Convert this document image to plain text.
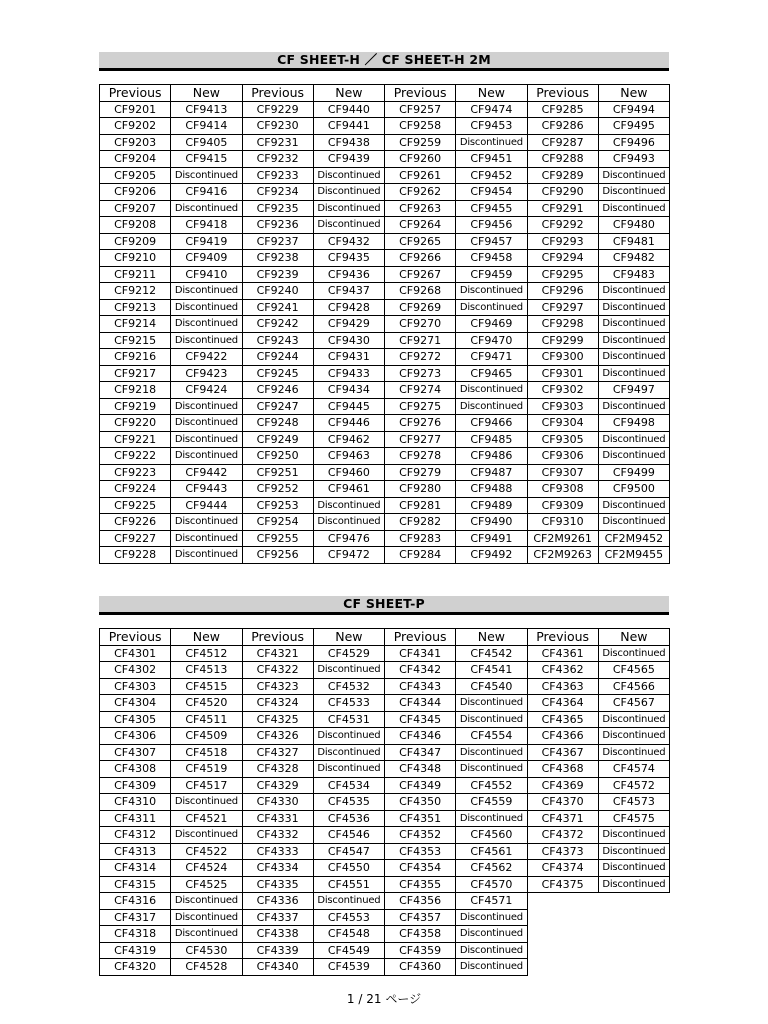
CF SHEET-H ／ CF SHEET-H 2M
Previous	New	Previous	New	Previous	New	Previous	New
CF9201	CF9413	CF9229	CF9440	CF9257	CF9474	CF9285	CF9494
CF9202	CF9414	CF9230	CF9441	CF9258	CF9453	CF9286	CF9495
CF9203	CF9405	CF9231	CF9438	CF9259	Discontinued	CF9287	CF9496
CF9204	CF9415	CF9232	CF9439	CF9260	CF9451	CF9288	CF9493
CF9205	Discontinued	CF9233	Discontinued	CF9261	CF9452	CF9289	Discontinued
CF9206	CF9416	CF9234	Discontinued	CF9262	CF9454	CF9290	Discontinued
CF9207	Discontinued	CF9235	Discontinued	CF9263	CF9455	CF9291	Discontinued
CF9208	CF9418	CF9236	Discontinued	CF9264	CF9456	CF9292	CF9480
CF9209	CF9419	CF9237	CF9432	CF9265	CF9457	CF9293	CF9481
CF9210	CF9409	CF9238	CF9435	CF9266	CF9458	CF9294	CF9482
CF9211	CF9410	CF9239	CF9436	CF9267	CF9459	CF9295	CF9483
CF9212	Discontinued	CF9240	CF9437	CF9268	Discontinued	CF9296	Discontinued
CF9213	Discontinued	CF9241	CF9428	CF9269	Discontinued	CF9297	Discontinued
CF9214	Discontinued	CF9242	CF9429	CF9270	CF9469	CF9298	Discontinued
CF9215	Discontinued	CF9243	CF9430	CF9271	CF9470	CF9299	Discontinued
CF9216	CF9422	CF9244	CF9431	CF9272	CF9471	CF9300	Discontinued
CF9217	CF9423	CF9245	CF9433	CF9273	CF9465	CF9301	Discontinued
CF9218	CF9424	CF9246	CF9434	CF9274	Discontinued	CF9302	CF9497
CF9219	Discontinued	CF9247	CF9445	CF9275	Discontinued	CF9303	Discontinued
CF9220	Discontinued	CF9248	CF9446	CF9276	CF9466	CF9304	CF9498
CF9221	Discontinued	CF9249	CF9462	CF9277	CF9485	CF9305	Discontinued
CF9222	Discontinued	CF9250	CF9463	CF9278	CF9486	CF9306	Discontinued
CF9223	CF9442	CF9251	CF9460	CF9279	CF9487	CF9307	CF9499
CF9224	CF9443	CF9252	CF9461	CF9280	CF9488	CF9308	CF9500
CF9225	CF9444	CF9253	Discontinued	CF9281	CF9489	CF9309	Discontinued
CF9226	Discontinued	CF9254	Discontinued	CF9282	CF9490	CF9310	Discontinued
CF9227	Discontinued	CF9255	CF9476	CF9283	CF9491	CF2M9261	CF2M9452
CF9228	Discontinued	CF9256	CF9472	CF9284	CF9492	CF2M9263	CF2M9455
CF SHEET-P
Previous	New	Previous	New	Previous	New	Previous	New
CF4301	CF4512	CF4321	CF4529	CF4341	CF4542	CF4361	Discontinued
CF4302	CF4513	CF4322	Discontinued	CF4342	CF4541	CF4362	CF4565
CF4303	CF4515	CF4323	CF4532	CF4343	CF4540	CF4363	CF4566
CF4304	CF4520	CF4324	CF4533	CF4344	Discontinued	CF4364	CF4567
CF4305	CF4511	CF4325	CF4531	CF4345	Discontinued	CF4365	Discontinued
CF4306	CF4509	CF4326	Discontinued	CF4346	CF4554	CF4366	Discontinued
CF4307	CF4518	CF4327	Discontinued	CF4347	Discontinued	CF4367	Discontinued
CF4308	CF4519	CF4328	Discontinued	CF4348	Discontinued	CF4368	CF4574
CF4309	CF4517	CF4329	CF4534	CF4349	CF4552	CF4369	CF4572
CF4310	Discontinued	CF4330	CF4535	CF4350	CF4559	CF4370	CF4573
CF4311	CF4521	CF4331	CF4536	CF4351	Discontinued	CF4371	CF4575
CF4312	Discontinued	CF4332	CF4546	CF4352	CF4560	CF4372	Discontinued
CF4313	CF4522	CF4333	CF4547	CF4353	CF4561	CF4373	Discontinued
CF4314	CF4524	CF4334	CF4550	CF4354	CF4562	CF4374	Discontinued
CF4315	CF4525	CF4335	CF4551	CF4355	CF4570	CF4375	Discontinued
CF4316	Discontinued	CF4336	Discontinued	CF4356	CF4571		
CF4317	Discontinued	CF4337	CF4553	CF4357	Discontinued		
CF4318	Discontinued	CF4338	CF4548	CF4358	Discontinued		
CF4319	CF4530	CF4339	CF4549	CF4359	Discontinued		
CF4320	CF4528	CF4340	CF4539	CF4360	Discontinued		
1 / 21 ページ
